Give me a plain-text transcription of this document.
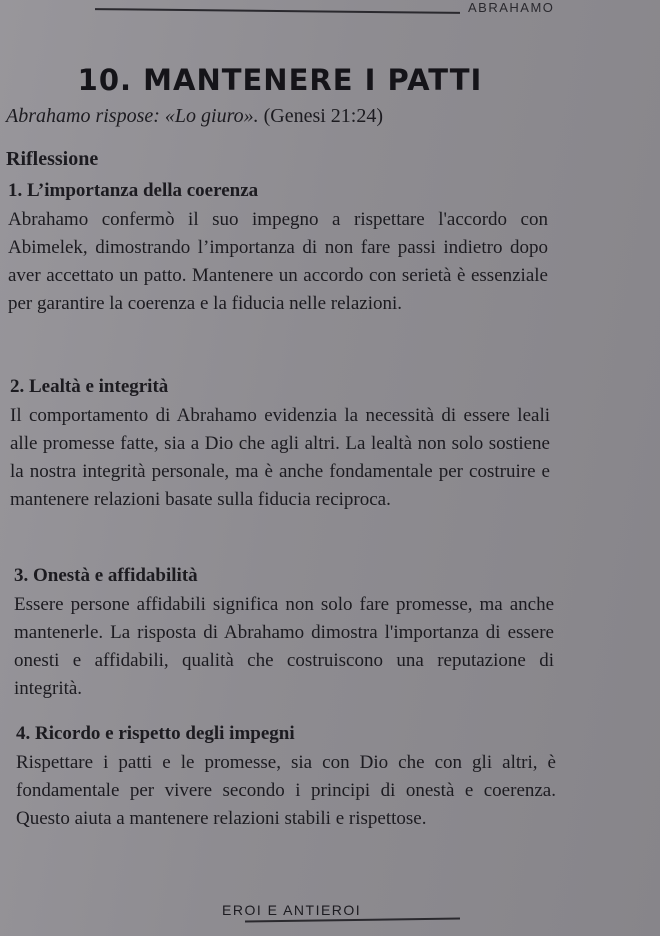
ABRAHAMO
10. MANTENERE I PATTI
Abrahamo rispose: «Lo giuro». (Genesi 21:24)
Riflessione
1. L’importanza della coerenza

Abrahamo confermò il suo impegno a rispettare l'accordo con Abimelek, dimostrando l’importanza di non fare passi indietro dopo aver accettato un patto. Mantenere un accordo con serietà è essenziale per garantire la coerenza e la fiducia nelle relazioni.

2. Lealtà e integrità

Il comportamento di Abrahamo evidenzia la necessità di essere leali alle promesse fatte, sia a Dio che agli altri. La lealtà non solo sostiene la nostra integrità personale, ma è anche fondamentale per costruire e mantenere relazioni basate sulla fiducia reciproca.

3. Onestà e affidabilità

Essere persone affidabili significa non solo fare promesse, ma anche mantenerle. La risposta di Abrahamo dimostra l'importanza di essere onesti e affidabili, qualità che costruiscono una reputazione di integrità.

4. Ricordo e rispetto degli impegni

Rispettare i patti e le promesse, sia con Dio che con gli altri, è fondamentale per vivere secondo i principi di onestà e coerenza. Questo aiuta a mantenere relazioni stabili e rispettose.

EROI E ANTIEROI
